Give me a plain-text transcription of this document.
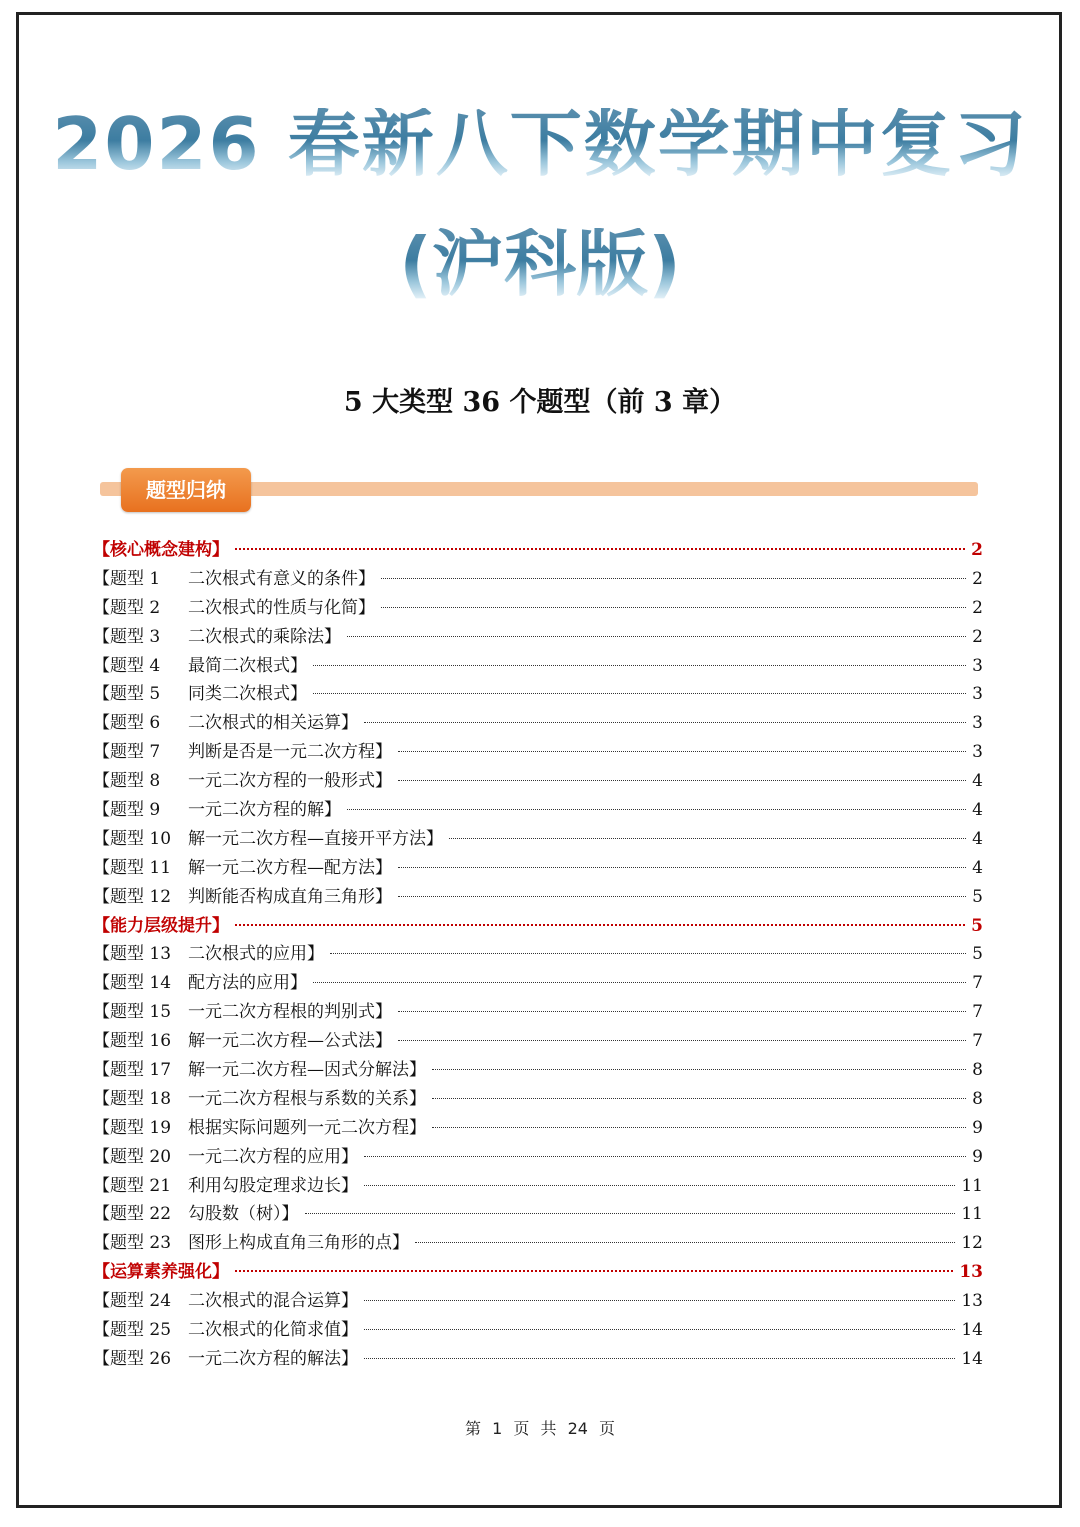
2026 春新八下数学期中复习
(沪科版)
5 大类型 36 个题型（前 3 章）
题型归纳
【核心概念建构】	2
【题型 1	二次根式有意义的条件】	2
【题型 2	二次根式的性质与化简】	2
【题型 3	二次根式的乘除法】	2
【题型 4	最简二次根式】	3
【题型 5	同类二次根式】	3
【题型 6	二次根式的相关运算】	3
【题型 7	判断是否是一元二次方程】	3
【题型 8	一元二次方程的一般形式】	4
【题型 9	一元二次方程的解】	4
【题型 10 解一元二次方程—直接开平方法】	4
【题型 11 解一元二次方程—配方法】	4
【题型 12 判断能否构成直角三角形】	5
【能力层级提升】	5
【题型 13 二次根式的应用】	5
【题型 14 配方法的应用】	7
【题型 15 一元二次方程根的判别式】	7
【题型 16 解一元二次方程—公式法】	7
【题型 17 解一元二次方程—因式分解法】	8
【题型 18 一元二次方程根与系数的关系】	8
【题型 19 根据实际问题列一元二次方程】	9
【题型 20 一元二次方程的应用】	9
【题型 21 利用勾股定理求边长】	11
【题型 22 勾股数（树）】	11
【题型 23 图形上构成直角三角形的点】	12
【运算素养强化】	13
【题型 24 二次根式的混合运算】	13
【题型 25 二次根式的化简求值】	14
【题型 26 一元二次方程的解法】	14
第 1 页 共 24 页
